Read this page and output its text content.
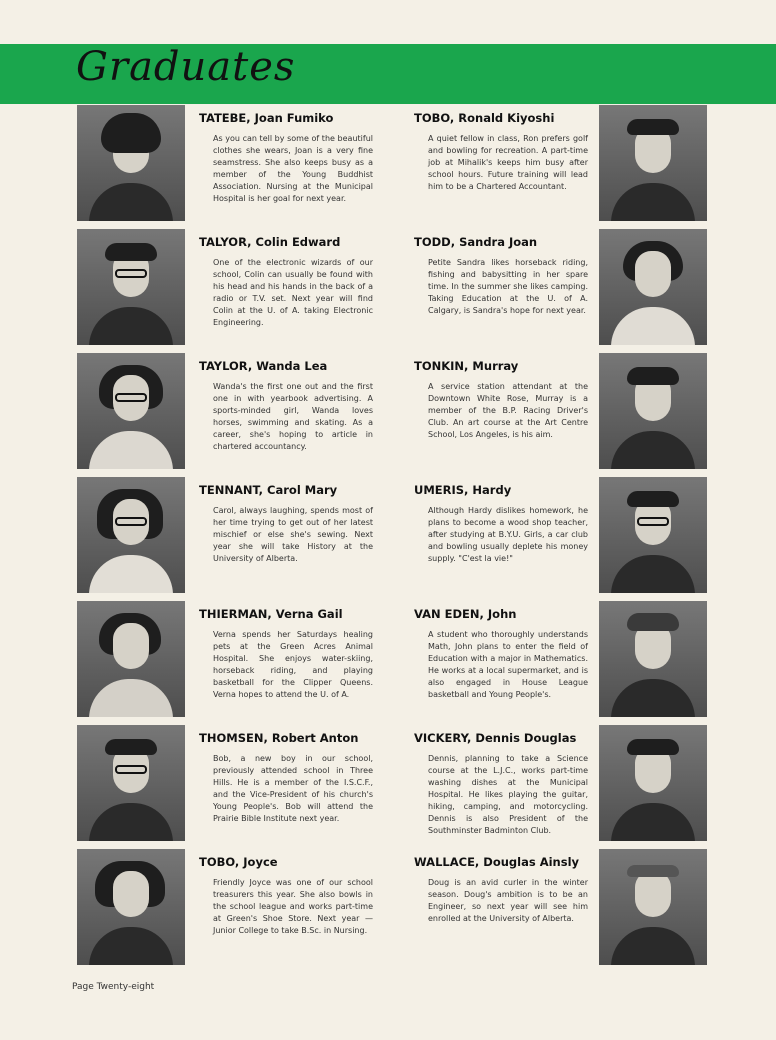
Graduates
TATEBE, Joan Fumiko
As you can tell by some of the beautiful clothes she wears, Joan is a very fine seamstress. She also keeps busy as a member of the Young Buddhist Association. Nursing at the Municipal Hospital is her goal for next year.
TALYOR, Colin Edward
One of the electronic wizards of our school, Colin can usually be found with his head and his hands in the back of a radio or T.V. set. Next year will find Colin at the U. of A. taking Electronic Engineering.
TAYLOR, Wanda Lea
Wanda's the first one out and the first one in with yearbook advertising. A sports-minded girl, Wanda loves horses, swimming and skating. As a career, she's hoping to article in chartered accountancy.
TENNANT, Carol Mary
Carol, always laughing, spends most of her time trying to get out of her latest mischief or else she's sewing. Next year she will take History at the University of Alberta.
THIERMAN, Verna Gail
Verna spends her Saturdays healing pets at the Green Acres Animal Hospital. She enjoys water-skiing, horseback riding, and playing basketball for the Clipper Queens. Verna hopes to attend the U. of A.
THOMSEN, Robert Anton
Bob, a new boy in our school, previously attended school in Three Hills. He is a member of the I.S.C.F., and the Vice-President of his church's Young People's. Bob will attend the Prairie Bible Institute next year.
TOBO, Joyce
Friendly Joyce was one of our school treasurers this year. She also bowls in the school league and works part-time at Green's Shoe Store. Next year — Junior College to take B.Sc. in Nursing.
TOBO, Ronald Kiyoshi
A quiet fellow in class, Ron prefers golf and bowling for recreation. A part-time job at Mihalik's keeps him busy after school hours. Future training will lead him to be a Chartered Accountant.
TODD, Sandra Joan
Petite Sandra likes horseback riding, fishing and babysitting in her spare time. In the summer she likes camping. Taking Education at the U. of A. Calgary, is Sandra's hope for next year.
TONKIN, Murray
A service station attendant at the Downtown White Rose, Murray is a member of the B.P. Racing Driver's Club. An art course at the Art Centre School, Los Angeles, is his aim.
UMERIS, Hardy
Although Hardy dislikes homework, he plans to become a wood shop teacher, after studying at B.Y.U. Girls, a car club and bowling usually deplete his money supply. "C'est la vie!"
VAN EDEN, John
A student who thoroughly understands Math, John plans to enter the field of Education with a major in Mathematics. He works at a local supermarket, and is also engaged in House League basketball and Young People's.
VICKERY, Dennis Douglas
Dennis, planning to take a Science course at the L.J.C., works part-time washing dishes at the Municipal Hospital. He likes playing the guitar, hiking, camping, and motorcycling. Dennis is also President of the Southminster Badminton Club.
WALLACE, Douglas Ainsly
Doug is an avid curler in the winter season. Doug's ambition is to be an Engineer, so next year will see him enrolled at the University of Alberta.
Page Twenty-eight
